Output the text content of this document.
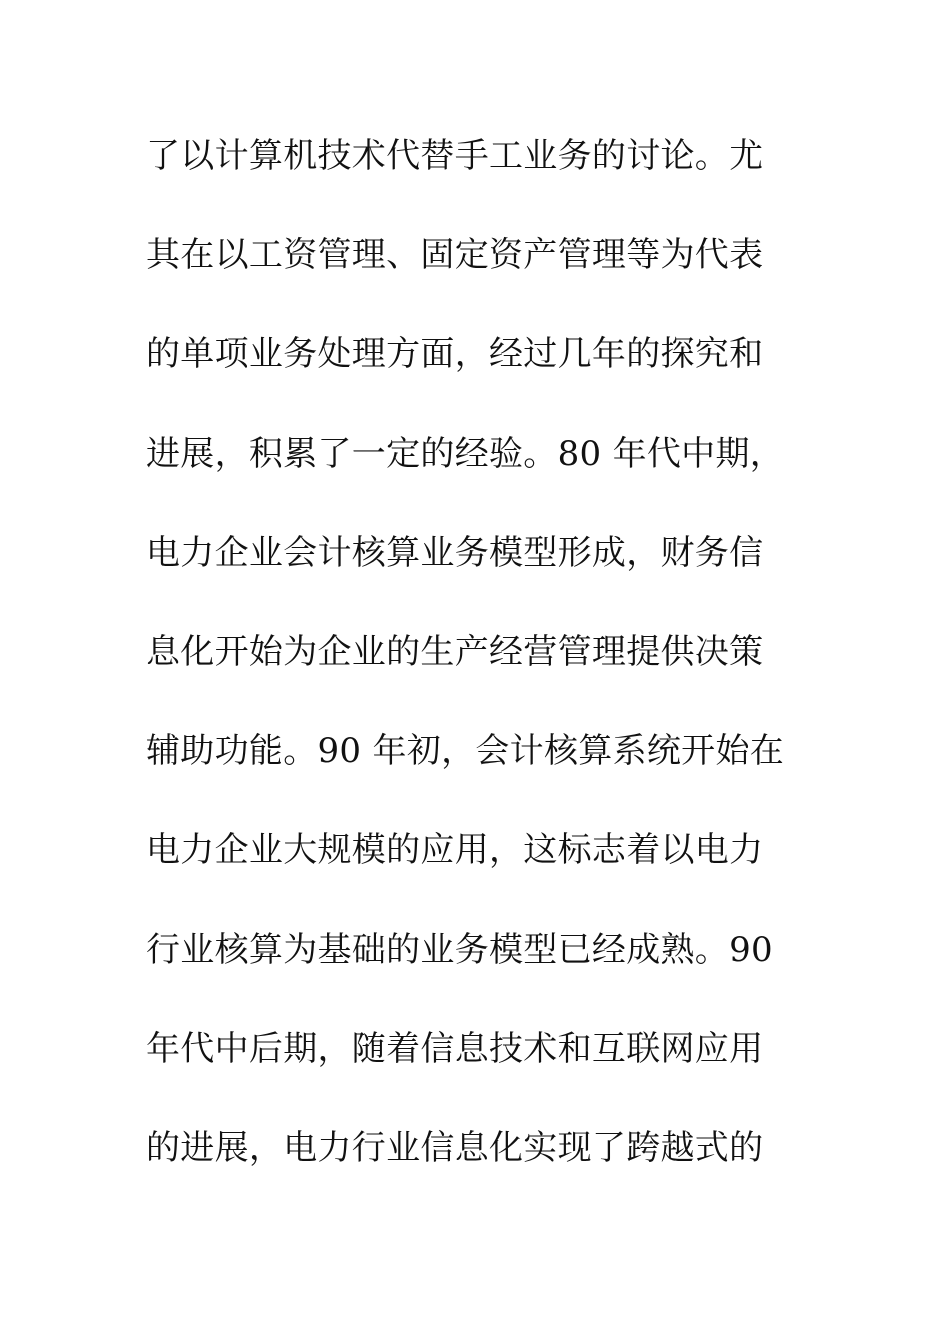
了以计算机技术代替手工业务的讨论。尤
其在以工资管理、固定资产管理等为代表
的单项业务处理方面，经过几年的探究和
进展，积累了一定的经验。80 年代中期，
电力企业会计核算业务模型形成，财务信
息化开始为企业的生产经营管理提供决策
辅助功能。90 年初，会计核算系统开始在
电力企业大规模的应用，这标志着以电力
行业核算为基础的业务模型已经成熟。90
年代中后期，随着信息技术和互联网应用
的进展，电力行业信息化实现了跨越式的
